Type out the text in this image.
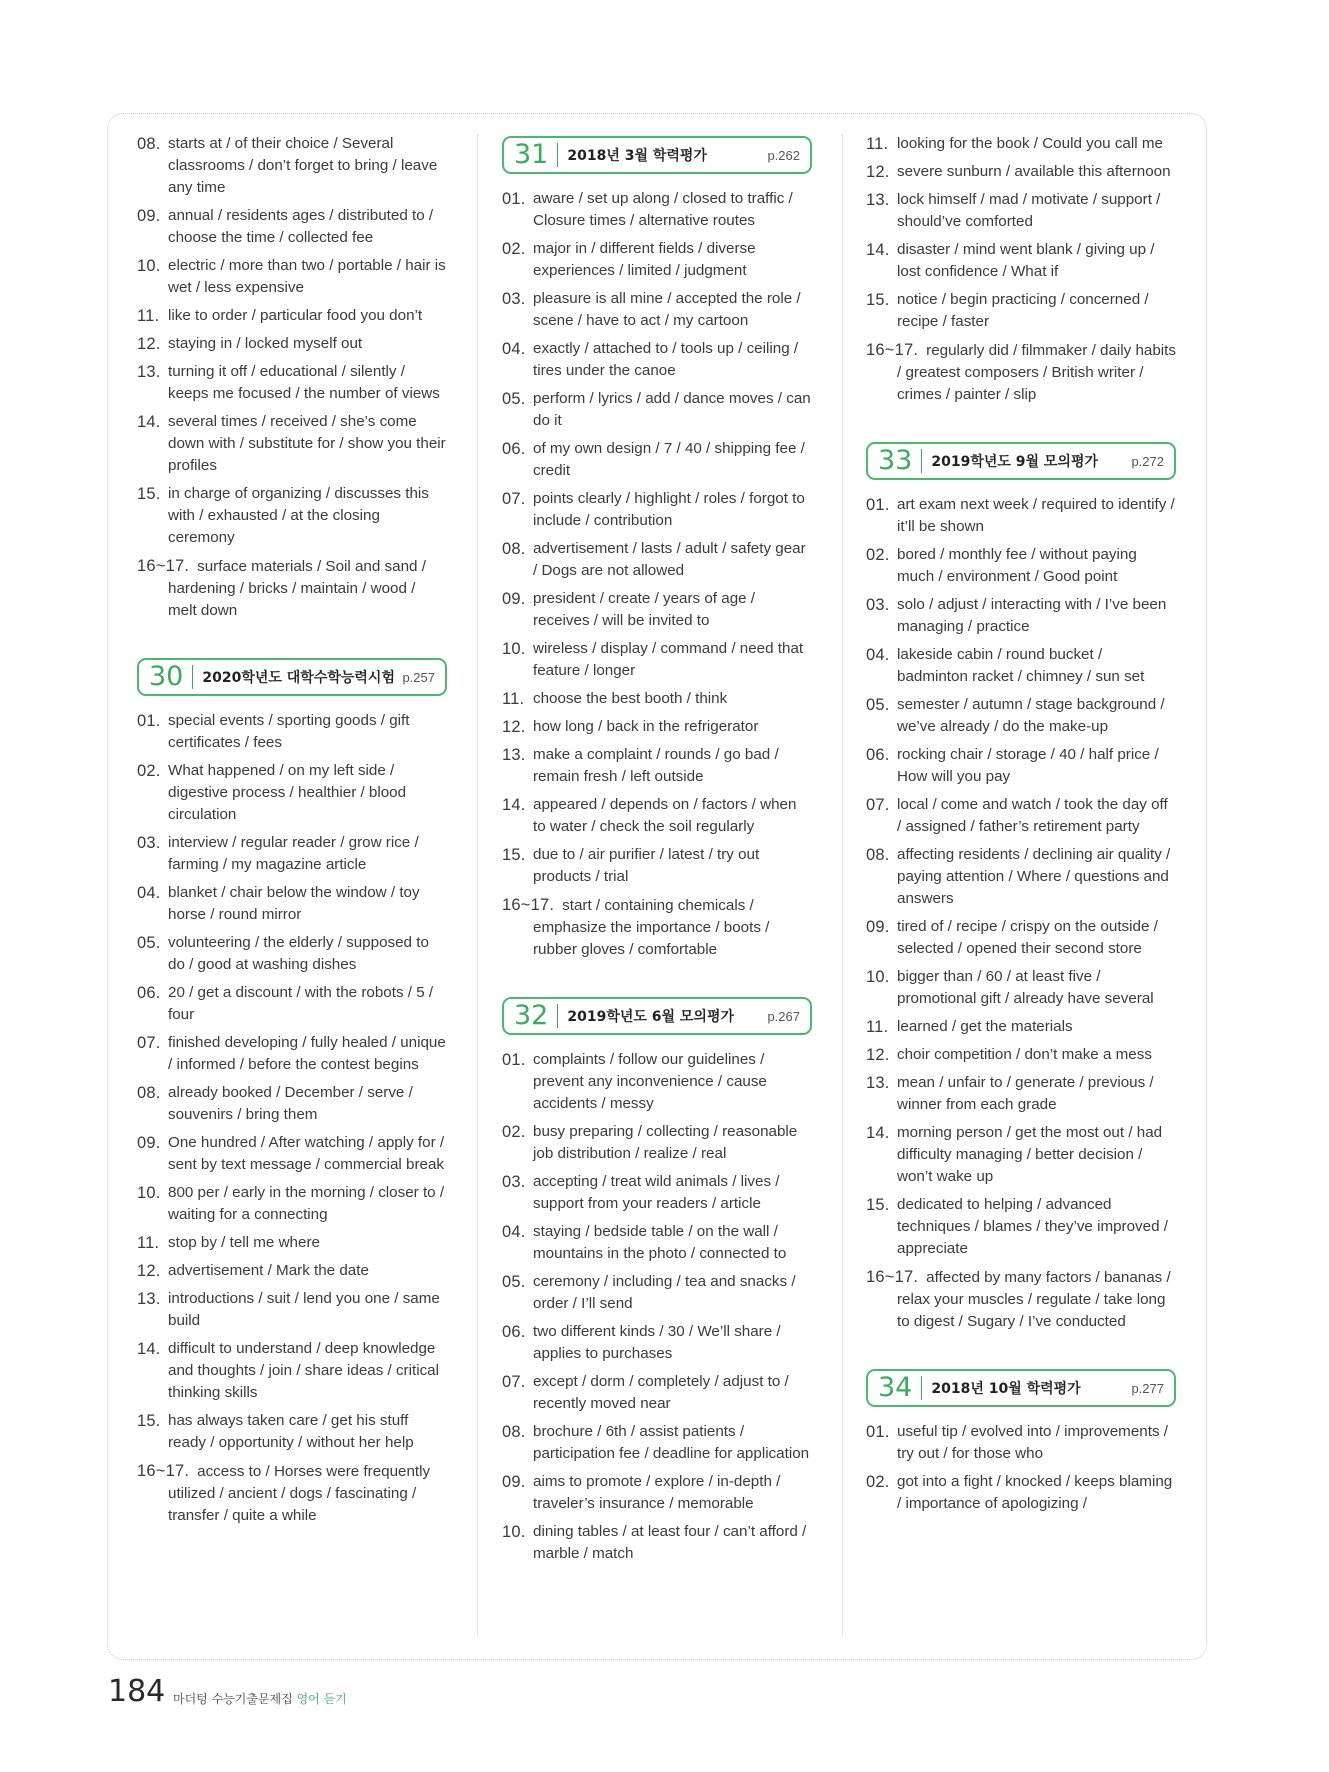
08. starts at / of their choice / Several classrooms / don’t forget to bring / leave any time
09. annual / residents ages / distributed to / choose the time / collected fee
10. electric / more than two / portable / hair is wet / less expensive
11. like to order / particular food you don’t
12. staying in / locked myself out
13. turning it off / educational / silently / keeps me focused / the number of views
14. several times / received / she’s come down with / substitute for / show you their profiles
15. in charge of organizing / discusses this with / exhausted / at the closing ceremony
16~17. surface materials / Soil and sand / hardening / bricks / maintain / wood / melt down
30	2020학년도 대학수학능력시험 p.257
01. special events / sporting goods / gift certificates / fees
02. What happened / on my left side / digestive process / healthier / blood circulation
03. interview / regular reader / grow rice / farming / my magazine article
04. blanket / chair below the window / toy horse / round mirror
05. volunteering / the elderly / supposed to do / good at washing dishes
06. 20 / get a discount / with the robots / 5 / four
07. finished developing / fully healed / unique / informed / before the contest begins
08. already booked / December / serve / souvenirs / bring them
09. One hundred / After watching / apply for / sent by text message / commercial break
10. 800 per / early in the morning / closer to / waiting for a connecting
11. stop by / tell me where
12. advertisement / Mark the date
13. introductions / suit / lend you one / same build
14. difficult to understand / deep knowledge and thoughts / join / share ideas / critical thinking skills
15. has always taken care / get his stuff ready / opportunity / without her help
16~17. access to / Horses were frequently utilized / ancient / dogs / fascinating / transfer / quite a while
31	2018년 3월 학력평가	p.262
01. aware / set up along / closed to traffic / Closure times / alternative routes
02. major in / different fields / diverse experiences / limited / judgment
03. pleasure is all mine / accepted the role / scene / have to act / my cartoon
04. exactly / attached to / tools up / ceiling / tires under the canoe
05. perform / lyrics / add / dance moves / can do it
06. of my own design / 7 / 40 / shipping fee / credit
07. points clearly / highlight / roles / forgot to include / contribution
08. advertisement / lasts / adult / safety gear / Dogs are not allowed
09. president / create / years of age / receives / will be invited to
10. wireless / display / command / need that feature / longer
11. choose the best booth / think
12. how long / back in the refrigerator
13. make a complaint / rounds / go bad / remain fresh / left outside
14. appeared / depends on / factors / when to water / check the soil regularly
15. due to / air purifier / latest / try out products / trial
16~17. start / containing chemicals / emphasize the importance / boots / rubber gloves / comfortable
32	2019학년도 6월 모의평가	p.267
01. complaints / follow our guidelines / prevent any inconvenience / cause accidents / messy
02. busy preparing / collecting / reasonable job distribution / realize / real
03. accepting / treat wild animals / lives / support from your readers / article
04. staying / bedside table / on the wall / mountains in the photo / connected to
05. ceremony / including / tea and snacks / order / I’ll send
06. two different kinds / 30 / We’ll share / applies to purchases
07. except / dorm / completely / adjust to / recently moved near
08. brochure / 6th / assist patients / participation fee / deadline for application
09. aims to promote / explore / in-depth / traveler’s insurance / memorable
10. dining tables / at least four / can’t afford / marble / match
11. looking for the book / Could you call me
12. severe sunburn / available this afternoon
13. lock himself / mad / motivate / support / should’ve comforted
14. disaster / mind went blank / giving up / lost confidence / What if
15. notice / begin practicing / concerned / recipe / faster
16~17. regularly did / filmmaker / daily habits / greatest composers / British writer / crimes / painter / slip
33	2019학년도 9월 모의평가	p.272
01. art exam next week / required to identify / it’ll be shown
02. bored / monthly fee / without paying much / environment / Good point
03. solo / adjust / interacting with / I’ve been managing / practice
04. lakeside cabin / round bucket / badminton racket / chimney / sun set
05. semester / autumn / stage background / we’ve already / do the make-up
06. rocking chair / storage / 40 / half price / How will you pay
07. local / come and watch / took the day off / assigned / father’s retirement party
08. affecting residents / declining air quality / paying attention / Where / questions and answers
09. tired of / recipe / crispy on the outside / selected / opened their second store
10. bigger than / 60 / at least five / promotional gift / already have several
11. learned / get the materials
12. choir competition / don’t make a mess
13. mean / unfair to / generate / previous / winner from each grade
14. morning person / get the most out / had difficulty managing / better decision / won’t wake up
15. dedicated to helping / advanced techniques / blames / they’ve improved / appreciate
16~17. affected by many factors / bananas / relax your muscles / regulate / take long to digest / Sugary / I’ve conducted
34	2018년 10월 학력평가	p.277
01. useful tip / evolved into / improvements / try out / for those who
02. got into a fight / knocked / keeps blaming / importance of apologizing /
184 마더텅 수능기출문제집 영어 듣기
